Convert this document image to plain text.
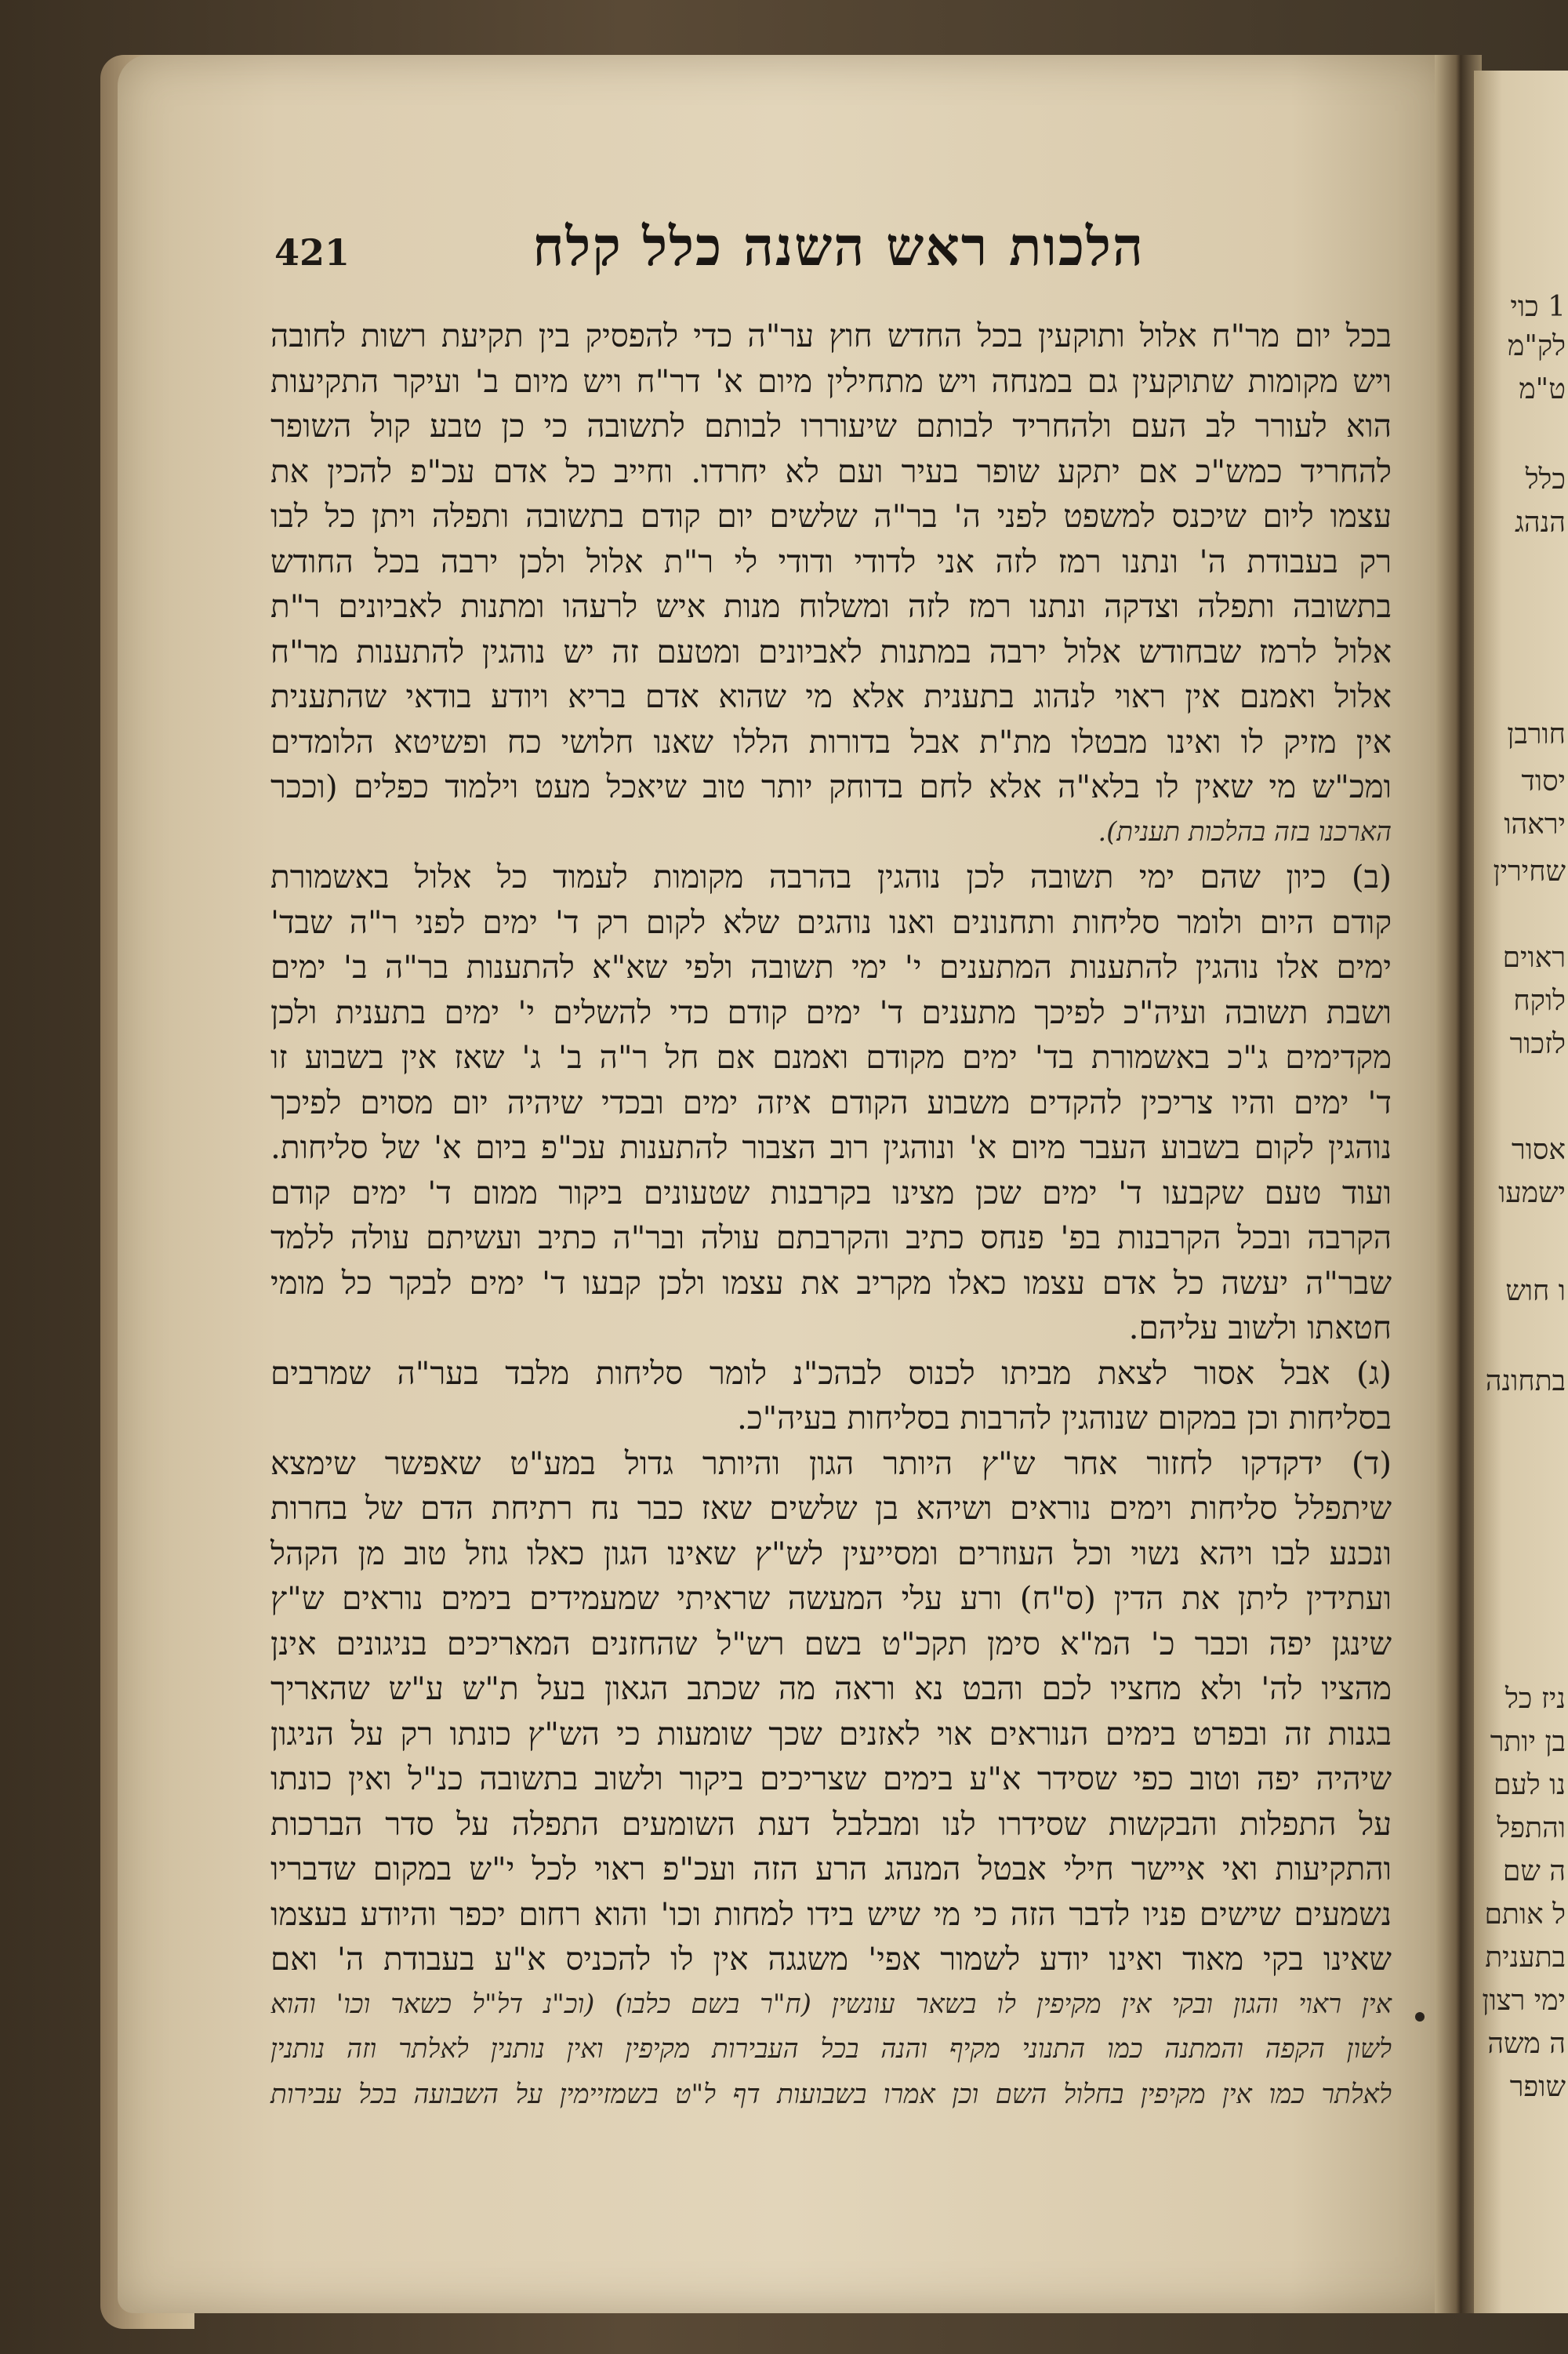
421	הלכות ראש השנה כלל קלח
בכל יום מר"ח אלול ותוקעין בכל החדש חוץ ער"ה כדי להפסיק בין תקיעת רשות לחובה
ויש מקומות שתוקעין גם במנחה ויש מתחילין מיום א' דר"ח ויש מיום ב' ועיקר התקיעות
הוא לעורר לב העם ולהחריד לבותם שיעוררו לבותם לתשובה כי כן טבע קול השופר
להחריד כמש"כ אם יתקע שופר בעיר ועם לא יחרדו. וחייב כל אדם עכ"פ להכין את
עצמו ליום שיכנס למשפט לפני ה' בר"ה שלשים יום קודם בתשובה ותפלה ויתן כל לבו
רק בעבודת ה' ונתנו רמז לזה אני לדודי ודודי לי ר"ת אלול ולכן ירבה בכל החודש
בתשובה ותפלה וצדקה ונתנו רמז לזה ומשלוח מנות איש לרעהו ומתנות לאביונים ר"ת
אלול לרמז שבחודש אלול ירבה במתנות לאביונים ומטעם זה יש נוהגין להתענות מר"ח
אלול ואמנם אין ראוי לנהוג בתענית אלא מי שהוא אדם בריא ויודע בודאי שהתענית
אין מזיק לו ואינו מבטלו מת"ת אבל בדורות הללו שאנו חלושי כח ופשיטא הלומדים
ומכ"ש מי שאין לו בלא"ה אלא לחם בדוחק יותר טוב שיאכל מעט וילמוד כפלים (וככר
הארכנו בזה בהלכות תענית).
(ב) כיון שהם ימי תשובה לכן נוהגין בהרבה מקומות לעמוד כל אלול באשמורת
קודם היום ולומר סליחות ותחנונים ואנו נוהגים שלא לקום רק ד' ימים לפני ר"ה שבד'
ימים אלו נוהגין להתענות המתענים י' ימי תשובה ולפי שא"א להתענות בר"ה ב' ימים
ושבת תשובה ועיה"כ לפיכך מתענים ד' ימים קודם כדי להשלים י' ימים בתענית ולכן
מקדימים ג"כ באשמורת בד' ימים מקודם ואמנם אם חל ר"ה ב' ג' שאז אין בשבוע זו
ד' ימים והיו צריכין להקדים משבוע הקודם איזה ימים ובכדי שיהיה יום מסוים לפיכך
נוהגין לקום בשבוע העבר מיום א' ונוהגין רוב הצבור להתענות עכ"פ ביום א' של סליחות.
ועוד טעם שקבעו ד' ימים שכן מצינו בקרבנות שטעונים ביקור ממום ד' ימים קודם
הקרבה ובכל הקרבנות בפ' פנחס כתיב והקרבתם עולה ובר"ה כתיב ועשיתם עולה ללמד
שבר"ה יעשה כל אדם עצמו כאלו מקריב את עצמו ולכן קבעו ד' ימים לבקר כל מומי
חטאתו ולשוב עליהם.
(ג) אבל אסור לצאת מביתו לכנוס לבהכ"נ לומר סליחות מלבד בער"ה שמרבים
בסליחות וכן במקום שנוהגין להרבות בסליחות בעיה"כ.
(ד) ידקדקו לחזור אחר ש"ץ היותר הגון והיותר גדול במע"ט שאפשר שימצא
שיתפלל סליחות וימים נוראים ושיהא בן שלשים שאז כבר נח רתיחת הדם של בחרות
ונכנע לבו ויהא נשוי וכל העוזרים ומסייעין לש"ץ שאינו הגון כאלו גוזל טוב מן הקהל
ועתידין ליתן את הדין (ס"ח) ורע עלי המעשה שראיתי שמעמידים בימים נוראים ש"ץ
שינגן יפה וכבר כ' המ"א סימן תקכ"ט בשם רש"ל שהחזנים המאריכים בניגונים אינן
מהציו לה' ולא מחציו לכם והבט נא וראה מה שכתב הגאון בעל ת"ש ע"ש שהאריך
בגנות זה ובפרט בימים הנוראים אוי לאזנים שכך שומעות כי הש"ץ כונתו רק על הניגון
שיהיה יפה וטוב כפי שסידר א"ע בימים שצריכים ביקור ולשוב בתשובה כנ"ל ואין כונתו
על התפלות והבקשות שסידרו לנו ומבלבל דעת השומעים התפלה על סדר הברכות
והתקיעות ואי איישר חילי אבטל המנהג הרע הזה ועכ"פ ראוי לכל י"ש במקום שדבריו
נשמעים שישים פניו לדבר הזה כי מי שיש בידו למחות וכו' והוא רחום יכפר והיודע בעצמו
שאינו בקי מאוד ואינו יודע לשמור אפי' משגגה אין לו להכניס א"ע בעבודת ה' ואם
אין ראוי והגון ובקי אין מקיפין לו בשאר עונשין (ח"ר בשם כלבו) (וכ"נ דל"ל כשאר וכו' והוא
לשון הקפה והמתנה כמו התנוני מקיף והנה בכל העבירות מקיפין ואין נותנין לאלתר וזה נותנין
לאלתר כמו אין מקיפין בחלול השם וכן אמרו בשבועות דף ל"ט בשמזיימין על השבועה בכל עבירות
1 כוי
לק"מ
ט"מ
כלל
הנהג
חורבן
יסוד
יראהו
שחירין
ראוים
לוקח
לזכור
אסור
ישמעו
ו חוש
בתחונה
ניז כל
בן יותר
נו לעם
והתפל
ה שם
ל אותם
בתענית
ימי רצון
ה משה
שופר
